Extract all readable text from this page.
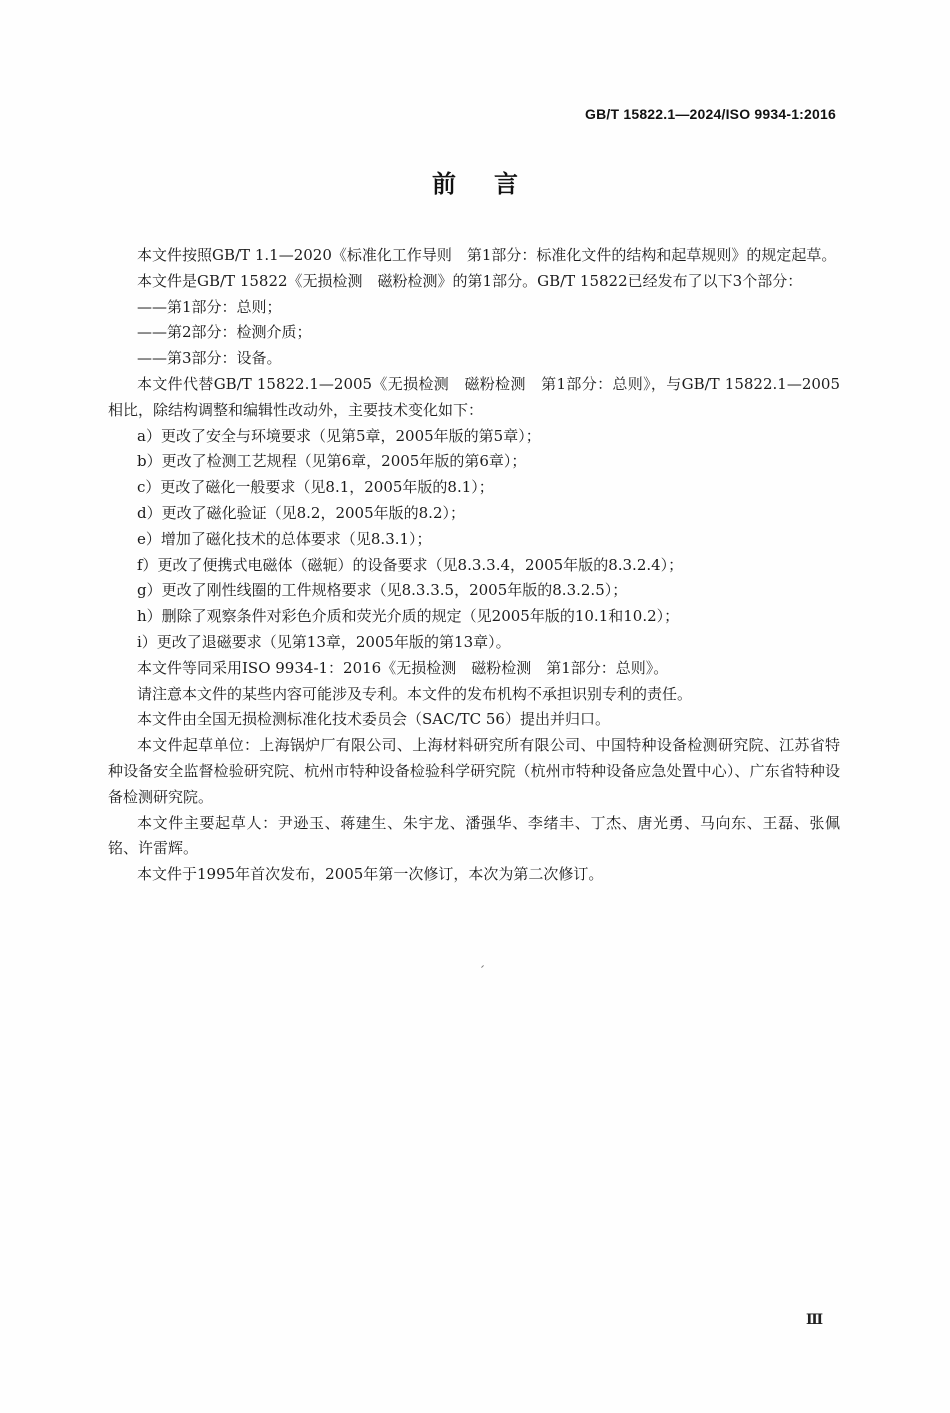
GB/T 15822.1—2024/ISO 9934-1:2016
前言

本文件按照GB/T 1.1—2020《标准化工作导则　第1部分：标准化文件的结构和起草规则》的规定起草。

本文件是GB/T 15822《无损检测　磁粉检测》的第1部分。GB/T 15822已经发布了以下3个部分：

——第1部分：总则；

——第2部分：检测介质；

——第3部分：设备。

本文件代替GB/T 15822.1—2005《无损检测　磁粉检测　第1部分：总则》，与GB/T 15822.1—2005相比，除结构调整和编辑性改动外，主要技术变化如下：

a）更改了安全与环境要求（见第5章，2005年版的第5章）；

b）更改了检测工艺规程（见第6章，2005年版的第6章）；

c）更改了磁化一般要求（见8.1，2005年版的8.1）；

d）更改了磁化验证（见8.2，2005年版的8.2）；

e）增加了磁化技术的总体要求（见8.3.1）；

f）更改了便携式电磁体（磁轭）的设备要求（见8.3.3.4，2005年版的8.3.2.4）；

g）更改了刚性线圈的工件规格要求（见8.3.3.5，2005年版的8.3.2.5）；

h）删除了观察条件对彩色介质和荧光介质的规定（见2005年版的10.1和10.2）；

i）更改了退磁要求（见第13章，2005年版的第13章）。

本文件等同采用ISO 9934-1：2016《无损检测　磁粉检测　第1部分：总则》。

请注意本文件的某些内容可能涉及专利。本文件的发布机构不承担识别专利的责任。

本文件由全国无损检测标准化技术委员会（SAC/TC 56）提出并归口。

本文件起草单位：上海锅炉厂有限公司、上海材料研究所有限公司、中国特种设备检测研究院、江苏省特种设备安全监督检验研究院、杭州市特种设备检验科学研究院（杭州市特种设备应急处置中心）、广东省特种设备检测研究院。

本文件主要起草人：尹逊玉、蒋建生、朱宇龙、潘强华、李绪丰、丁杰、唐光勇、马向东、王磊、张佩铭、许雷辉。

本文件于1995年首次发布，2005年第一次修订，本次为第二次修订。

Ⅲ
